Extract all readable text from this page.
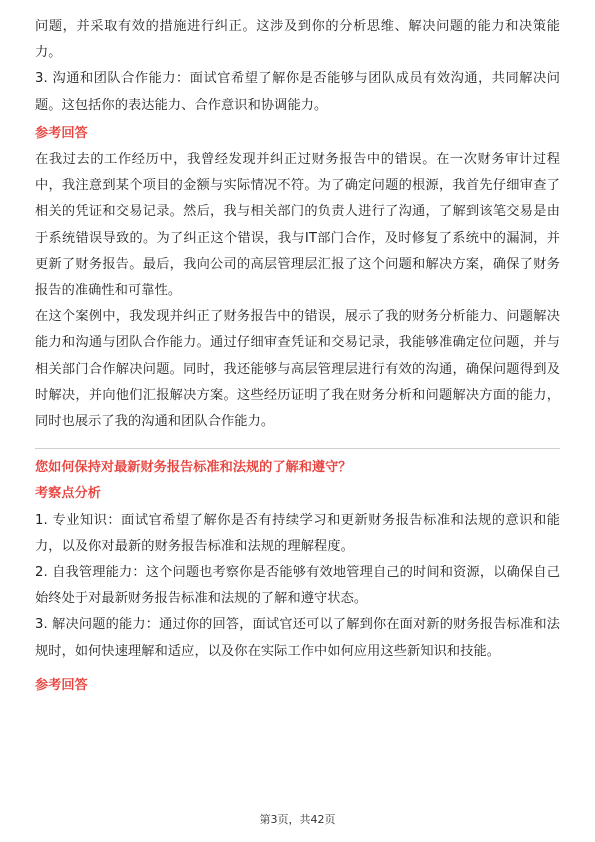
问题，并采取有效的措施进行纠正。这涉及到你的分析思维、解决问题的能力和决策能力。

3. 沟通和团队合作能力：面试官希望了解你是否能够与团队成员有效沟通，共同解决问题。这包括你的表达能力、合作意识和协调能力。

参考回答

在我过去的工作经历中，我曾经发现并纠正过财务报告中的错误。在一次财务审计过程中，我注意到某个项目的金额与实际情况不符。为了确定问题的根源，我首先仔细审查了相关的凭证和交易记录。然后，我与相关部门的负责人进行了沟通，了解到该笔交易是由于系统错误导致的。为了纠正这个错误，我与IT部门合作，及时修复了系统中的漏洞，并更新了财务报告。最后，我向公司的高层管理层汇报了这个问题和解决方案，确保了财务报告的准确性和可靠性。

在这个案例中，我发现并纠正了财务报告中的错误，展示了我的财务分析能力、问题解决能力和沟通与团队合作能力。通过仔细审查凭证和交易记录，我能够准确定位问题，并与相关部门合作解决问题。同时，我还能够与高层管理层进行有效的沟通，确保问题得到及时解决，并向他们汇报解决方案。这些经历证明了我在财务分析和问题解决方面的能力，同时也展示了我的沟通和团队合作能力。

您如何保持对最新财务报告标准和法规的了解和遵守？

考察点分析

1. 专业知识：面试官希望了解你是否有持续学习和更新财务报告标准和法规的意识和能力，以及你对最新的财务报告标准和法规的理解程度。

2. 自我管理能力：这个问题也考察你是否能够有效地管理自己的时间和资源，以确保自己始终处于对最新财务报告标准和法规的了解和遵守状态。

3. 解决问题的能力：通过你的回答，面试官还可以了解到你在面对新的财务报告标准和法规时，如何快速理解和适应，以及你在实际工作中如何应用这些新知识和技能。

参考回答

第3页，共42页
